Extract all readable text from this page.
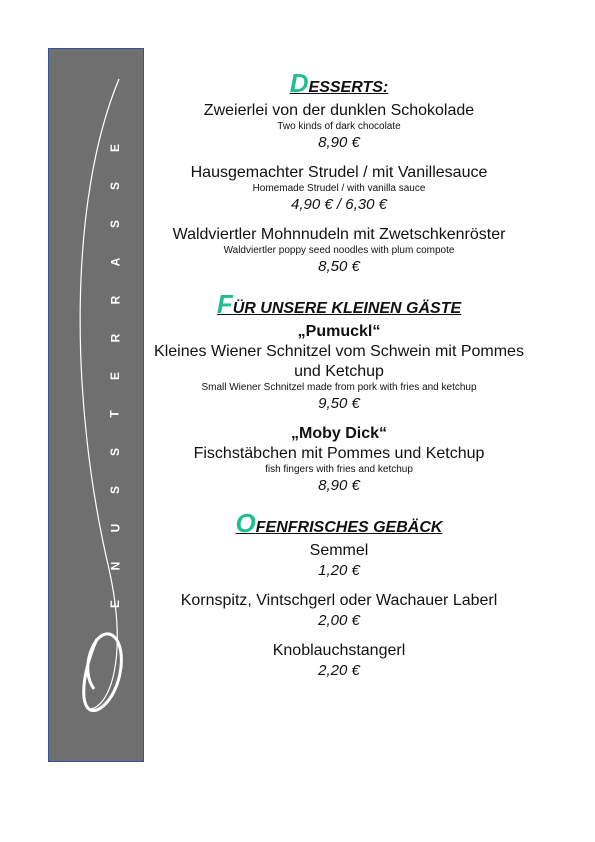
E
S
S
A
R
R
E
T
S
S
U
N
E
DESSERTS:

Zweierlei von der dunklen Schokolade

Two kinds of dark chocolate

8,90 €

Hausgemachter Strudel / mit Vanillesauce

Homemade Strudel / with vanilla sauce

4,90 € / 6,30 €

Waldviertler Mohnnudeln mit Zwetschkenröster

Waldviertler poppy seed noodles with plum compote

8,50 €

FÜR UNSERE KLEINEN GÄSTE

„Pumuckl“

Kleines Wiener Schnitzel vom Schwein mit Pommes und Ketchup

Small Wiener Schnitzel made from pork with fries and ketchup

9,50 €

„Moby Dick“

Fischstäbchen mit Pommes und Ketchup

fish fingers with fries and ketchup

8,90 €

OFENFRISCHES GEBÄCK

Semmel

1,20 €

Kornspitz, Vintschgerl oder Wachauer Laberl

2,00 €

Knoblauchstangerl

2,20 €
